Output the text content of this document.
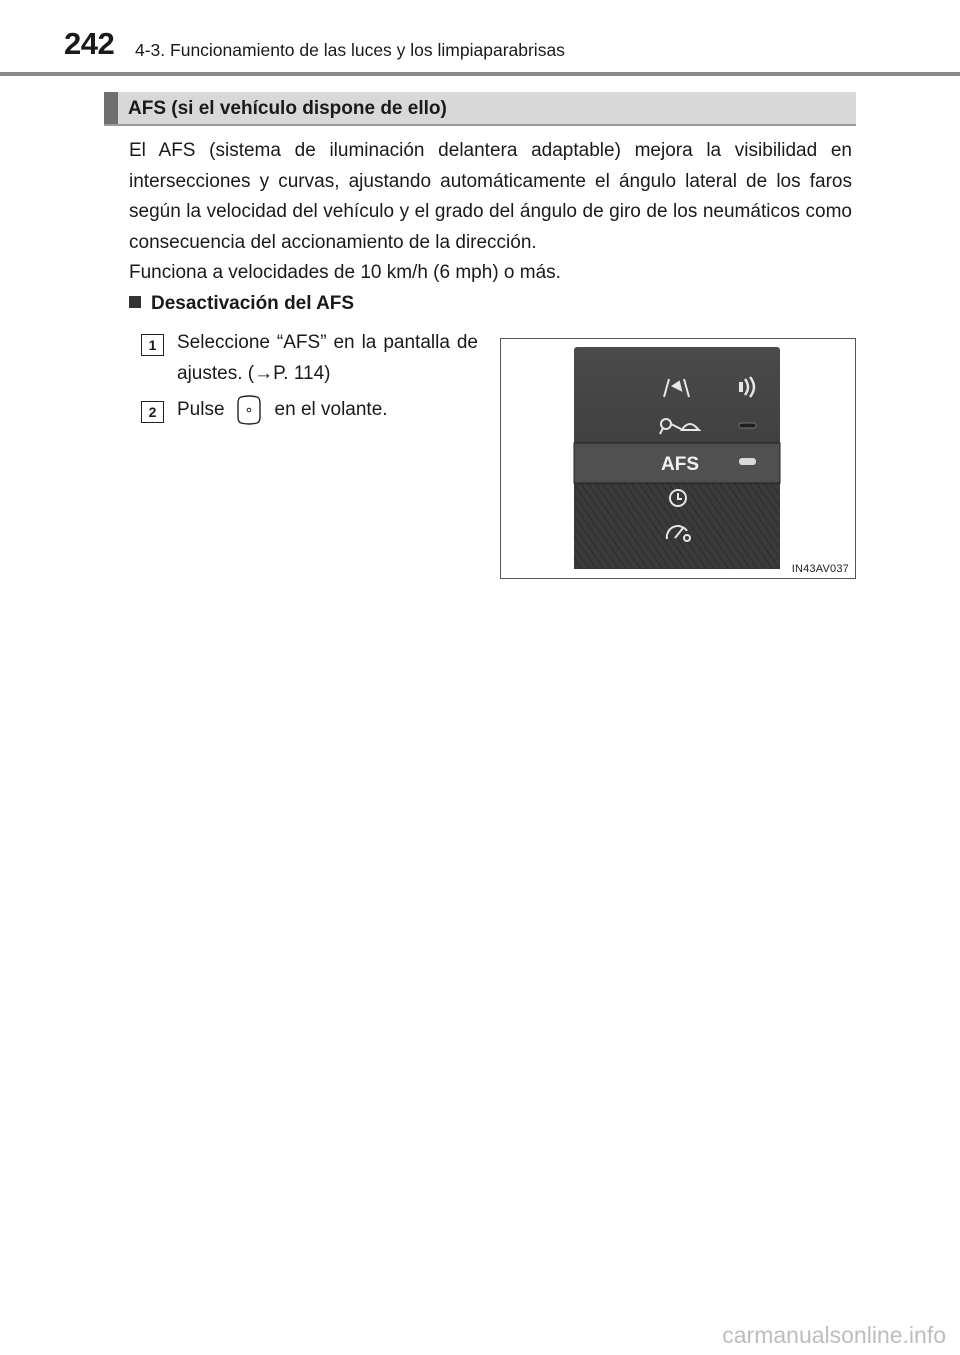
242 4-3. Funcionamiento de las luces y los limpiaparabrisas
AFS (si el vehículo dispone de ello)
El AFS (sistema de iluminación delantera adaptable) mejora la visibilidad en intersecciones y curvas, ajustando automáticamente el ángulo lateral de los faros según la velocidad del vehículo y el grado del ángulo de giro de los neumáticos como consecuencia del accionamiento de la dirección.
Funciona a velocidades de 10 km/h (6 mph) o más.
Desactivación del AFS
1	Seleccione “AFS” en la pantalla de ajustes. (→P. 114)
2	Pulse	en el volante.
AFS
IN43AV037
carmanualsonline.info
